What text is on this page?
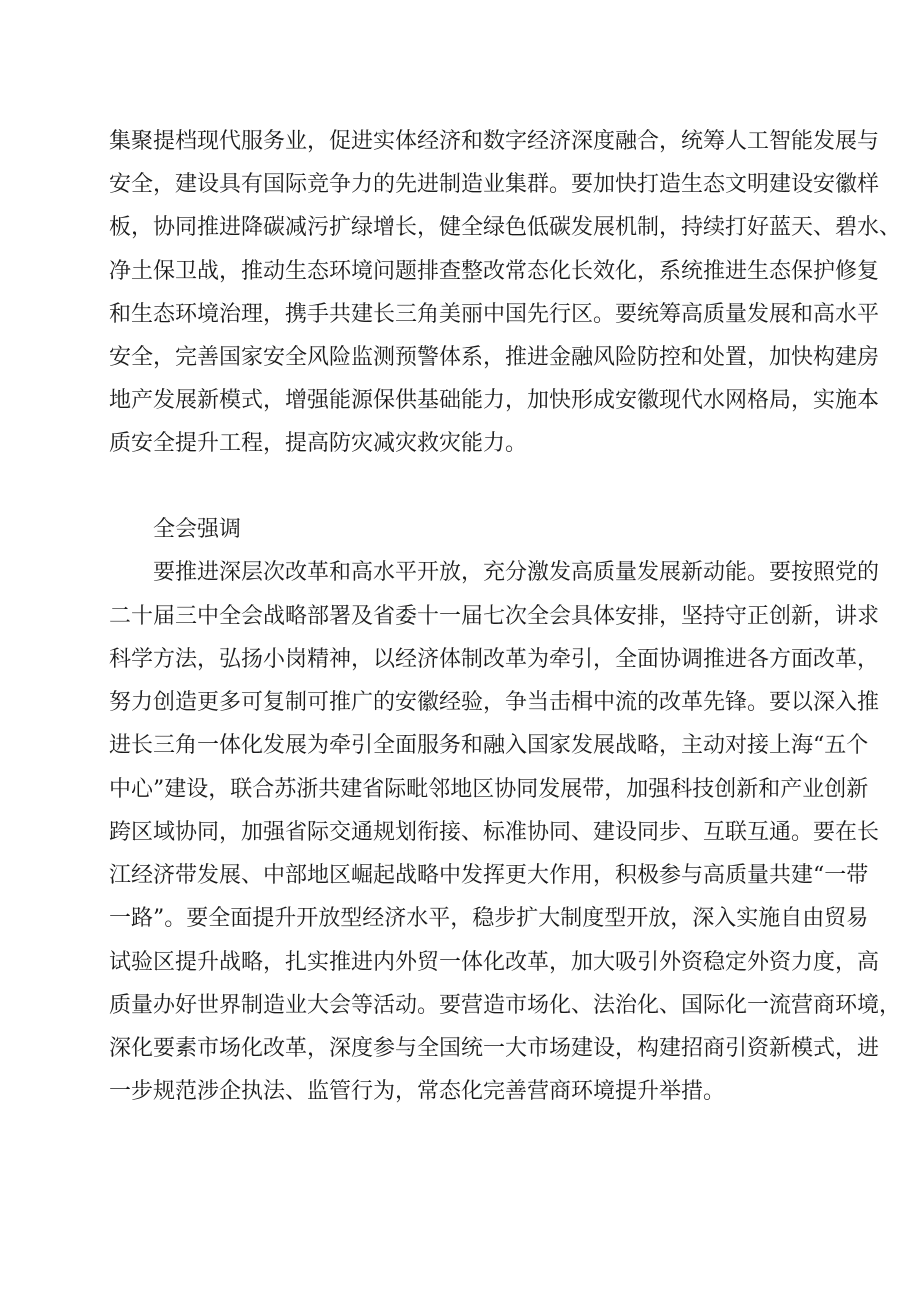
集聚提档现代服务业，促进实体经济和数字经济深度融合，统筹人工智能发展与
安全，建设具有国际竞争力的先进制造业集群。要加快打造生态文明建设安徽样
板，协同推进降碳减污扩绿增长，健全绿色低碳发展机制，持续打好蓝天、碧水、
净土保卫战，推动生态环境问题排查整改常态化长效化，系统推进生态保护修复
和生态环境治理，携手共建长三角美丽中国先行区。要统筹高质量发展和高水平
安全，完善国家安全风险监测预警体系，推进金融风险防控和处置，加快构建房
地产发展新模式，增强能源保供基础能力，加快形成安徽现代水网格局，实施本
质安全提升工程，提高防灾减灾救灾能力。
全会强调
要推进深层次改革和高水平开放，充分激发高质量发展新动能。要按照党的
二十届三中全会战略部署及省委十一届七次全会具体安排，坚持守正创新，讲求
科学方法，弘扬小岗精神，以经济体制改革为牵引，全面协调推进各方面改革，
努力创造更多可复制可推广的安徽经验，争当击楫中流的改革先锋。要以深入推
进长三角一体化发展为牵引全面服务和融入国家发展战略，主动对接上海“五个
中心”建设，联合苏浙共建省际毗邻地区协同发展带，加强科技创新和产业创新
跨区域协同，加强省际交通规划衔接、标准协同、建设同步、互联互通。要在长
江经济带发展、中部地区崛起战略中发挥更大作用，积极参与高质量共建“一带
一路”。要全面提升开放型经济水平，稳步扩大制度型开放，深入实施自由贸易
试验区提升战略，扎实推进内外贸一体化改革，加大吸引外资稳定外资力度，高
质量办好世界制造业大会等活动。要营造市场化、法治化、国际化一流营商环境，
深化要素市场化改革，深度参与全国统一大市场建设，构建招商引资新模式，进
一步规范涉企执法、监管行为，常态化完善营商环境提升举措。
